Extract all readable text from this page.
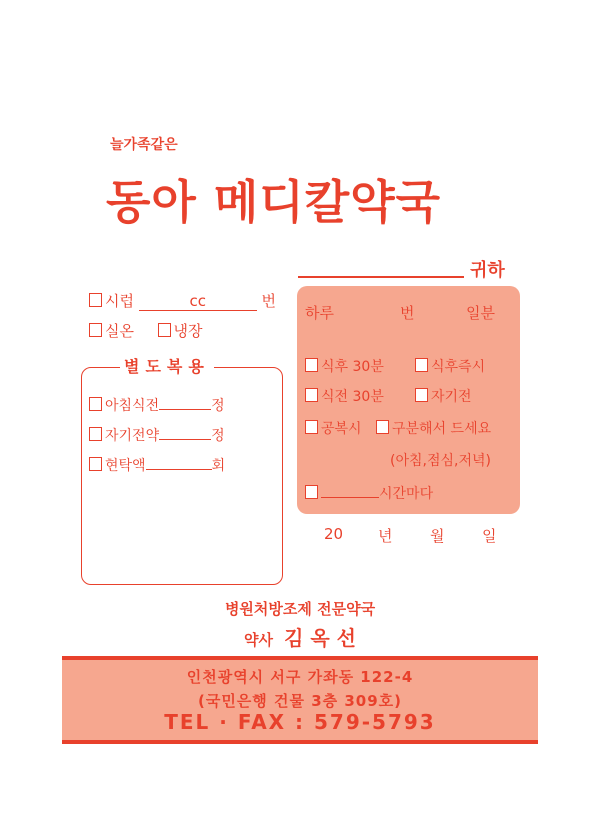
늘가족같은
동아 메디칼약국
귀하
시럽	cc	번
실온	냉장
별도복용
아침식전	정
자기전약	정
현탁액	회
하루	번	일분
식후 30분	식후즉시
식전 30분	자기전
공복시	구분해서 드세요
(아침,점심,저녁)
시간마다
20 년	월	일
병원처방조제 전문약국
약사 김 옥 선
인천광역시 서구 가좌동 122-4
(국민은행 건물 3층 309호)
TEL · FAX : 579-5793
